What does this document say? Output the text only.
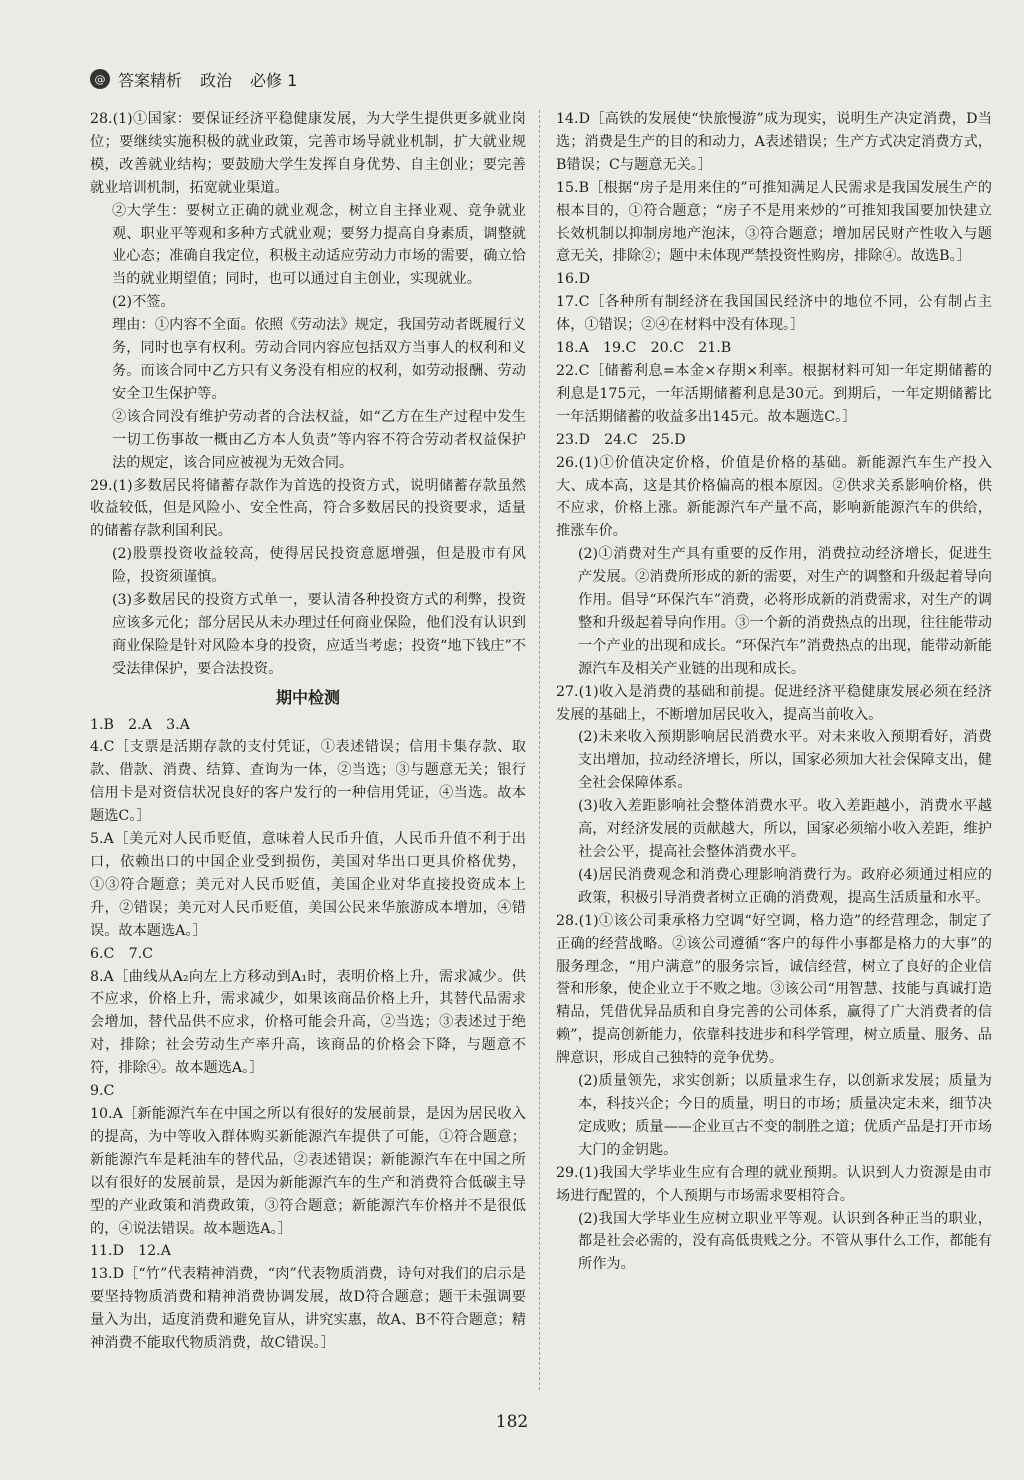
@ 答案精析 政治 必修 1

28.(1)①国家：要保证经济平稳健康发展，为大学生提供更多就业岗位；要继续实施积极的就业政策，完善市场导就业机制，扩大就业规模，改善就业结构；要鼓励大学生发挥自身优势、自主创业；要完善就业培训机制，拓宽就业渠道。

②大学生：要树立正确的就业观念，树立自主择业观、竞争就业观、职业平等观和多种方式就业观；要努力提高自身素质，调整就业心态；准确自我定位，积极主动适应劳动力市场的需要，确立恰当的就业期望值；同时，也可以通过自主创业，实现就业。

(2)不签。

理由：①内容不全面。依照《劳动法》规定，我国劳动者既履行义务，同时也享有权利。劳动合同内容应包括双方当事人的权利和义务。而该合同中乙方只有义务没有相应的权利，如劳动报酬、劳动安全卫生保护等。

②该合同没有维护劳动者的合法权益，如“乙方在生产过程中发生一切工伤事故一概由乙方本人负责”等内容不符合劳动者权益保护法的规定，该合同应被视为无效合同。

29.(1)多数居民将储蓄存款作为首选的投资方式，说明储蓄存款虽然收益较低，但是风险小、安全性高，符合多数居民的投资要求，适量的储蓄存款利国利民。

(2)股票投资收益较高，使得居民投资意愿增强，但是股市有风险，投资须谨慎。

(3)多数居民的投资方式单一，要认清各种投资方式的利弊，投资应该多元化；部分居民从未办理过任何商业保险，他们没有认识到商业保险是针对风险本身的投资，应适当考虑；投资“地下钱庄”不受法律保护，要合法投资。

期中检测

1.B　2.A　3.A

4.C［支票是活期存款的支付凭证，①表述错误；信用卡集存款、取款、借款、消费、结算、查询为一体，②当选；③与题意无关；银行信用卡是对资信状况良好的客户发行的一种信用凭证，④当选。故本题选C。］

5.A［美元对人民币贬值，意味着人民币升值，人民币升值不利于出口，依赖出口的中国企业受到损伤，美国对华出口更具价格优势，①③符合题意；美元对人民币贬值，美国企业对华直接投资成本上升，②错误；美元对人民币贬值，美国公民来华旅游成本增加，④错误。故本题选A。］

6.C　7.C

8.A［曲线从A₂向左上方移动到A₁时，表明价格上升，需求减少。供不应求，价格上升，需求减少，如果该商品价格上升，其替代品需求会增加，替代品供不应求，价格可能会升高，②当选；③表述过于绝对，排除；社会劳动生产率升高，该商品的价格会下降，与题意不符，排除④。故本题选A。］

9.C

10.A［新能源汽车在中国之所以有很好的发展前景，是因为居民收入的提高，为中等收入群体购买新能源汽车提供了可能，①符合题意；新能源汽车是耗油车的替代品，②表述错误；新能源汽车在中国之所以有很好的发展前景，是因为新能源汽车的生产和消费符合低碳主导型的产业政策和消费政策，③符合题意；新能源汽车价格并不是很低的，④说法错误。故本题选A。］

11.D　12.A

13.D［“竹”代表精神消费，“肉”代表物质消费，诗句对我们的启示是要坚持物质消费和精神消费协调发展，故D符合题意；题干未强调要量入为出，适度消费和避免盲从，讲究实惠，故A、B不符合题意；精神消费不能取代物质消费，故C错误。］

14.D［高铁的发展使“快旅慢游”成为现实，说明生产决定消费，D当选；消费是生产的目的和动力，A表述错误；生产方式决定消费方式，B错误；C与题意无关。］

15.B［根据“房子是用来住的”可推知满足人民需求是我国发展生产的根本目的，①符合题意；“房子不是用来炒的”可推知我国要加快建立长效机制以抑制房地产泡沫，③符合题意；增加居民财产性收入与题意无关，排除②；题中未体现严禁投资性购房，排除④。故选B。］

16.D

17.C［各种所有制经济在我国国民经济中的地位不同，公有制占主体，①错误；②④在材料中没有体现。］

18.A　19.C　20.C　21.B

22.C［储蓄利息=本金×存期×利率。根据材料可知一年定期储蓄的利息是175元，一年活期储蓄利息是30元。到期后，一年定期储蓄比一年活期储蓄的收益多出145元。故本题选C。］

23.D　24.C　25.D

26.(1)①价值决定价格，价值是价格的基础。新能源汽车生产投入大、成本高，这是其价格偏高的根本原因。②供求关系影响价格，供不应求，价格上涨。新能源汽车产量不高，影响新能源汽车的供给，推涨车价。

(2)①消费对生产具有重要的反作用，消费拉动经济增长，促进生产发展。②消费所形成的新的需要，对生产的调整和升级起着导向作用。倡导“环保汽车”消费，必将形成新的消费需求，对生产的调整和升级起着导向作用。③一个新的消费热点的出现，往往能带动一个产业的出现和成长。“环保汽车”消费热点的出现，能带动新能源汽车及相关产业链的出现和成长。

27.(1)收入是消费的基础和前提。促进经济平稳健康发展必须在经济发展的基础上，不断增加居民收入，提高当前收入。

(2)未来收入预期影响居民消费水平。对未来收入预期看好，消费支出增加，拉动经济增长，所以，国家必须加大社会保障支出，健全社会保障体系。

(3)收入差距影响社会整体消费水平。收入差距越小，消费水平越高，对经济发展的贡献越大，所以，国家必须缩小收入差距，维护社会公平，提高社会整体消费水平。

(4)居民消费观念和消费心理影响消费行为。政府必须通过相应的政策，积极引导消费者树立正确的消费观，提高生活质量和水平。

28.(1)①该公司秉承格力空调“好空调，格力造”的经营理念，制定了正确的经营战略。②该公司遵循“客户的每件小事都是格力的大事”的服务理念，“用户满意”的服务宗旨，诚信经营，树立了良好的企业信誉和形象，使企业立于不败之地。③该公司“用智慧、技能与真诚打造精品，凭借优异品质和自身完善的公司体系，赢得了广大消费者的信赖”，提高创新能力，依靠科技进步和科学管理，树立质量、服务、品牌意识，形成自己独特的竞争优势。

(2)质量领先，求实创新；以质量求生存，以创新求发展；质量为本，科技兴企；今日的质量，明日的市场；质量决定未来，细节决定成败；质量——企业亘古不变的制胜之道；优质产品是打开市场大门的金钥匙。

29.(1)我国大学毕业生应有合理的就业预期。认识到人力资源是由市场进行配置的，个人预期与市场需求要相符合。

(2)我国大学毕业生应树立职业平等观。认识到各种正当的职业，都是社会必需的，没有高低贵贱之分。不管从事什么工作，都能有所作为。

182
